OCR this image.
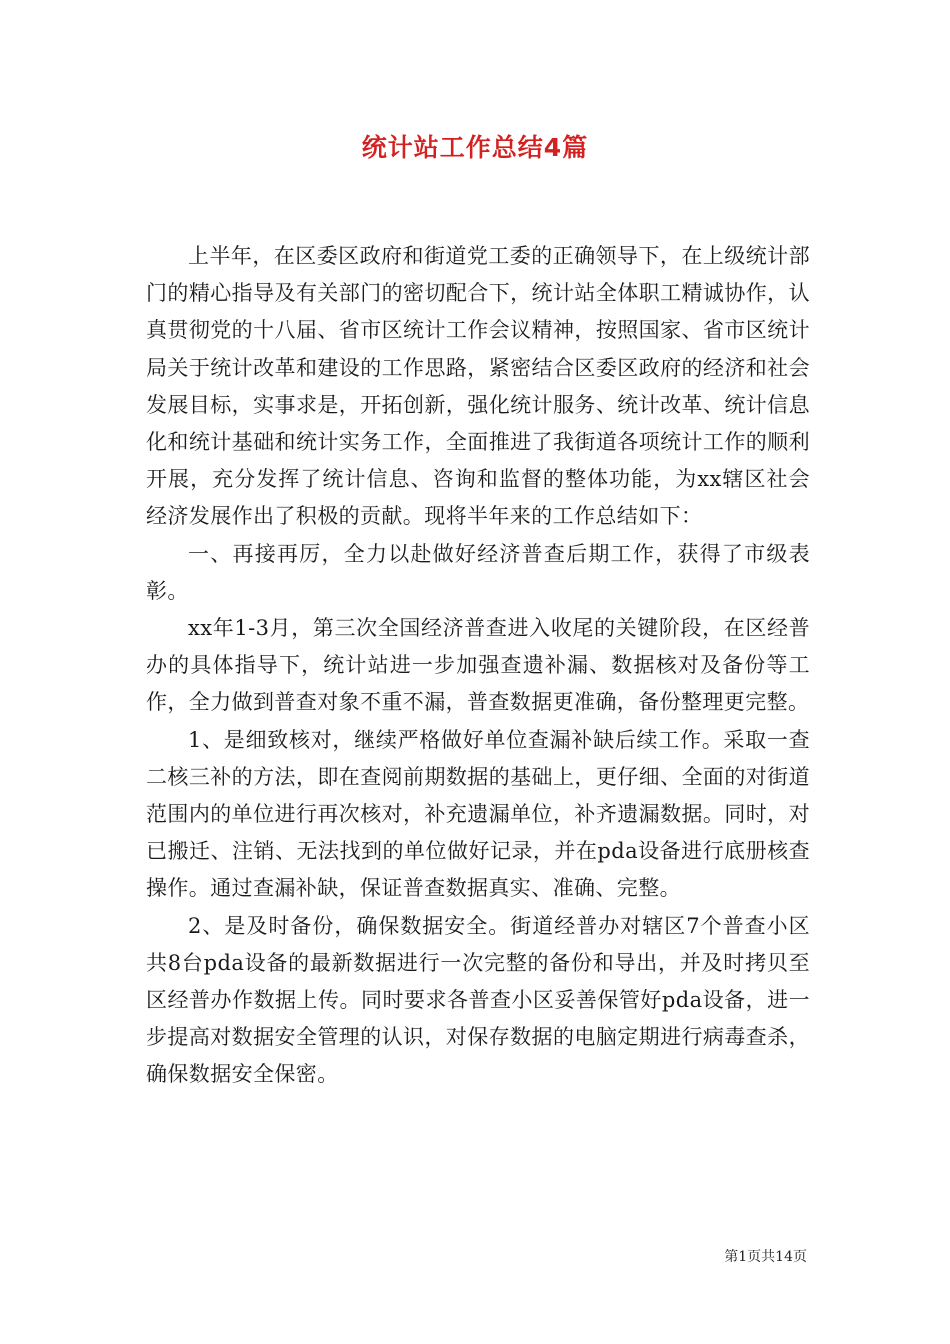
统计站工作总结4篇

上半年，在区委区政府和街道党工委的正确领导下，在上级统计部门的精心指导及有关部门的密切配合下，统计站全体职工精诚协作，认真贯彻党的十八届、省市区统计工作会议精神，按照国家、省市区统计局关于统计改革和建设的工作思路，紧密结合区委区政府的经济和社会发展目标，实事求是，开拓创新，强化统计服务、统计改革、统计信息化和统计基础和统计实务工作，全面推进了我街道各项统计工作的顺利开展，充分发挥了统计信息、咨询和监督的整体功能，为xx辖区社会经济发展作出了积极的贡献。现将半年来的工作总结如下：

一、再接再厉，全力以赴做好经济普查后期工作，获得了市级表彰。

xx年1-3月，第三次全国经济普查进入收尾的关键阶段，在区经普办的具体指导下，统计站进一步加强查遗补漏、数据核对及备份等工作，全力做到普查对象不重不漏，普查数据更准确，备份整理更完整。

1、是细致核对，继续严格做好单位查漏补缺后续工作。采取一查二核三补的方法，即在查阅前期数据的基础上，更仔细、全面的对街道范围内的单位进行再次核对，补充遗漏单位，补齐遗漏数据。同时，对已搬迁、注销、无法找到的单位做好记录，并在pda设备进行底册核查操作。通过查漏补缺，保证普查数据真实、准确、完整。

2、是及时备份，确保数据安全。街道经普办对辖区7个普查小区共8台pda设备的最新数据进行一次完整的备份和导出，并及时拷贝至区经普办作数据上传。同时要求各普查小区妥善保管好pda设备，进一步提高对数据安全管理的认识，对保存数据的电脑定期进行病毒查杀，确保数据安全保密。

第1页共14页
